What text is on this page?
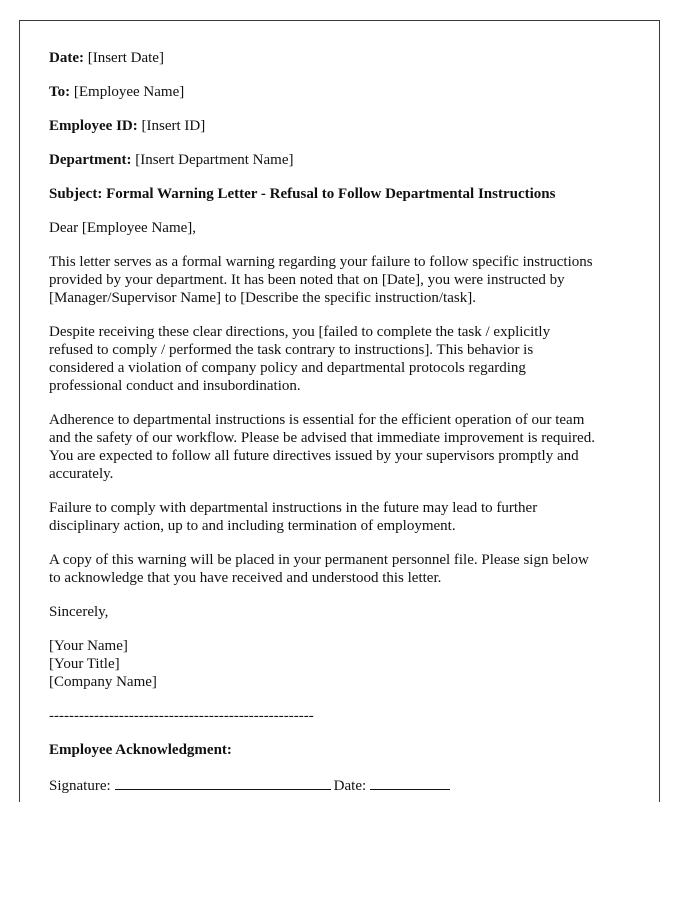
Date: [Insert Date]

To: [Employee Name]

Employee ID: [Insert ID]

Department: [Insert Department Name]

Subject: Formal Warning Letter - Refusal to Follow Departmental Instructions

Dear [Employee Name],

This letter serves as a formal warning regarding your failure to follow specific instructions
provided by your department. It has been noted that on [Date], you were instructed by
[Manager/Supervisor Name] to [Describe the specific instruction/task].

Despite receiving these clear directions, you [failed to complete the task / explicitly
refused to comply / performed the task contrary to instructions]. This behavior is
considered a violation of company policy and departmental protocols regarding
professional conduct and insubordination.

Adherence to departmental instructions is essential for the efficient operation of our team
and the safety of our workflow. Please be advised that immediate improvement is required.
You are expected to follow all future directives issued by your supervisors promptly and
accurately.

Failure to comply with departmental instructions in the future may lead to further
disciplinary action, up to and including termination of employment.

A copy of this warning will be placed in your permanent personnel file. Please sign below
to acknowledge that you have received and understood this letter.

Sincerely,

[Your Name]
[Your Title]
[Company Name]

-----------------------------------------------------

Employee Acknowledgment:

Signature:	Date:
